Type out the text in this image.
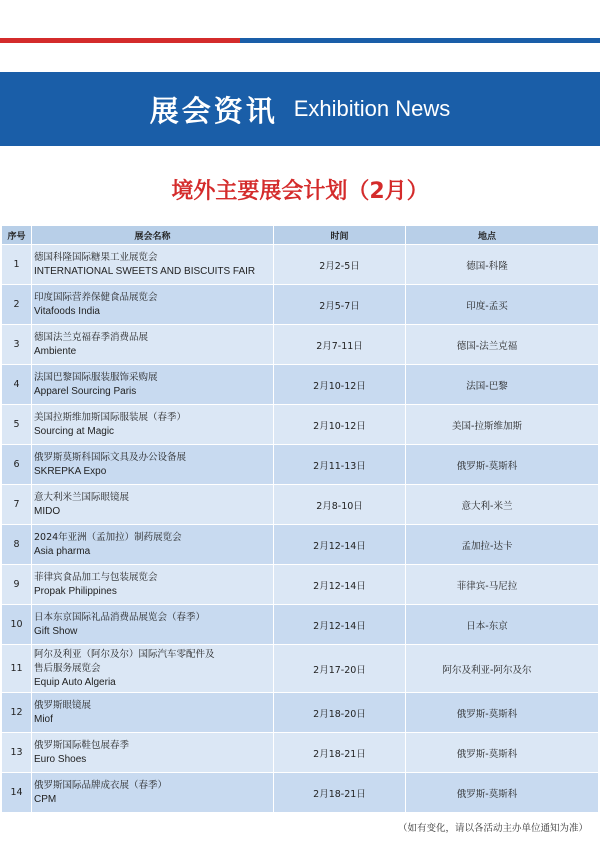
展会资讯 Exhibition News
境外主要展会计划（2月）
序号	展会名称	时间	地点
1
德国科隆国际糖果工业展览会
INTERNATIONAL SWEETS AND BISCUITS FAIR	2月2-5日	德国-科隆
2
印度国际营养保健食品展览会
Vitafoods India	2月5-7日	印度-孟买
3
德国法兰克福春季消费品展
Ambiente	2月7-11日	德国-法兰克福
4
法国巴黎国际服装服饰采购展
Apparel Sourcing Paris	2月10-12日	法国-巴黎
5
美国拉斯维加斯国际服装展（春季）
Sourcing at Magic	2月10-12日	美国-拉斯维加斯
6
俄罗斯莫斯科国际文具及办公设备展
SKREPKA Expo	2月11-13日	俄罗斯-莫斯科
7
意大利米兰国际眼镜展
MIDO	2月8-10日	意大利-米兰
8
2024年亚洲（孟加拉）制药展览会
Asia pharma	2月12-14日	孟加拉-达卡
9
菲律宾食品加工与包装展览会
Propak Philippines	2月12-14日	菲律宾-马尼拉
10
日本东京国际礼品消费品展览会（春季）
Gift Show	2月12-14日	日本-东京
11
阿尔及利亚（阿尔及尔）国际汽车零配件及
售后服务展览会
Equip Auto Algeria
2月17-20日	阿尔及利亚-阿尔及尔
12
俄罗斯眼镜展
Miof	2月18-20日	俄罗斯-莫斯科
13
俄罗斯国际鞋包展春季
Euro Shoes	2月18-21日	俄罗斯-莫斯科
14
俄罗斯国际品牌成衣展（春季）
CPM	2月18-21日	俄罗斯-莫斯科
（如有变化，请以各活动主办单位通知为准）
